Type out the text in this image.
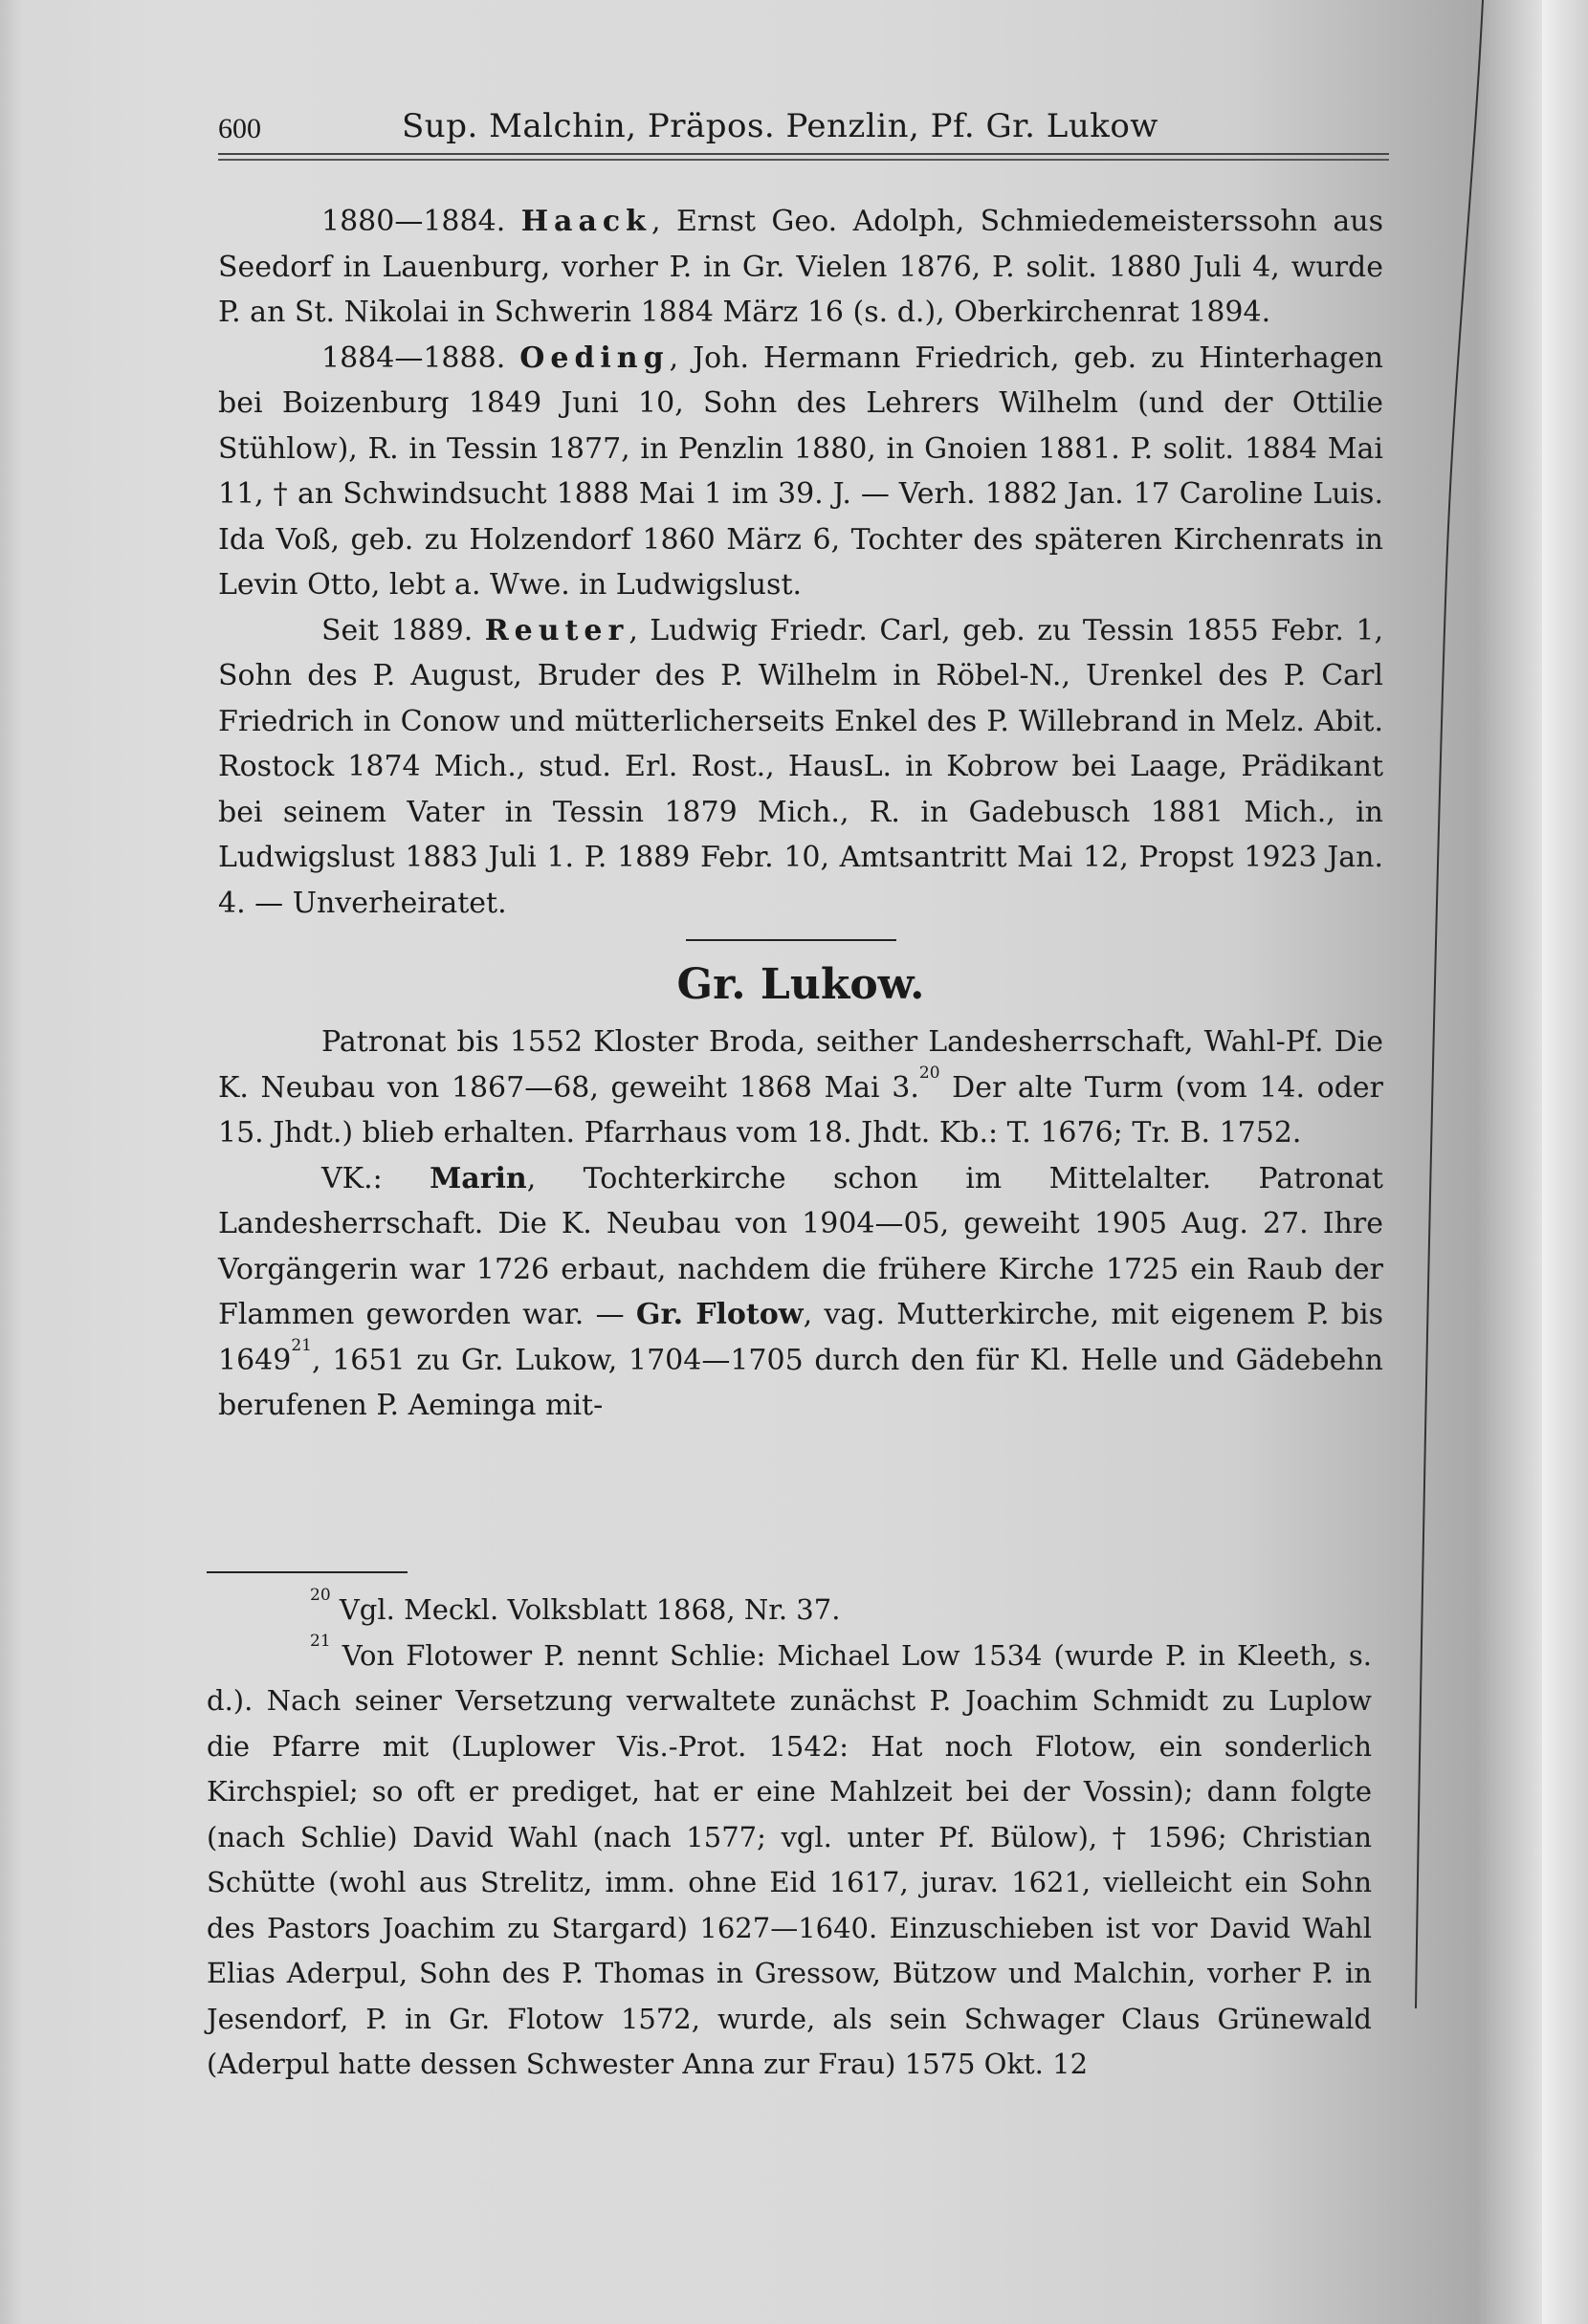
600	Sup. Malchin, Präpos. Penzlin, Pf. Gr. Lukow

1880—1884. Haack, Ernst Geo. Adolph, Schmiedemeisterssohn aus Seedorf in Lauenburg, vorher P. in Gr. Vielen 1876, P. solit. 1880 Juli 4, wurde P. an St. Nikolai in Schwerin 1884 März 16 (s. d.), Oberkirchenrat 1894.

1884—1888. Oeding, Joh. Hermann Friedrich, geb. zu Hinterhagen bei Boizenburg 1849 Juni 10, Sohn des Lehrers Wilhelm (und der Ottilie Stühlow), R. in Tessin 1877, in Penzlin 1880, in Gnoien 1881. P. solit. 1884 Mai 11, † an Schwindsucht 1888 Mai 1 im 39. J. — Verh. 1882 Jan. 17 Caroline Luis. Ida Voß, geb. zu Holzendorf 1860 März 6, Tochter des späteren Kirchenrats in Levin Otto, lebt a. Wwe. in Ludwigslust.

Seit 1889. Reuter, Ludwig Friedr. Carl, geb. zu Tessin 1855 Febr. 1, Sohn des P. August, Bruder des P. Wilhelm in Röbel-N., Urenkel des P. Carl Friedrich in Conow und mütterlicherseits Enkel des P. Willebrand in Melz. Abit. Rostock 1874 Mich., stud. Erl. Rost., HausL. in Kobrow bei Laage, Prädikant bei seinem Vater in Tessin 1879 Mich., R. in Gadebusch 1881 Mich., in Ludwigslust 1883 Juli 1. P. 1889 Febr. 10, Amtsantritt Mai 12, Propst 1923 Jan. 4. — Unverheiratet.

Gr. Lukow.

Patronat bis 1552 Kloster Broda, seither Landesherrschaft, Wahl-Pf. Die K. Neubau von 1867—68, geweiht 1868 Mai 3.20 Der alte Turm (vom 14. oder 15. Jhdt.) blieb erhalten. Pfarrhaus vom 18. Jhdt. Kb.: T. 1676; Tr. B. 1752.

VK.: Marin, Tochterkirche schon im Mittelalter. Patronat Landesherrschaft. Die K. Neubau von 1904—05, geweiht 1905 Aug. 27. Ihre Vorgängerin war 1726 erbaut, nachdem die frühere Kirche 1725 ein Raub der Flammen geworden war. — Gr. Flotow, vag. Mutterkirche, mit eigenem P. bis 1649$^{21}$, 1651 zu Gr. Lukow, 1704—1705 durch den für Kl. Helle und Gädebehn berufenen P. Aeminga mit-

$^{20}$ Vgl. Meckl. Volksblatt 1868, Nr. 37.

$^{21}$ Von Flotower P. nennt Schlie: Michael Low 1534 (wurde P. in Kleeth, s. d.). Nach seiner Versetzung verwaltete zunächst P. Joachim Schmidt zu Luplow die Pfarre mit (Luplower Vis.-Prot. 1542: Hat noch Flotow, ein sonderlich Kirchspiel; so oft er prediget, hat er eine Mahlzeit bei der Vossin); dann folgte (nach Schlie) David Wahl (nach 1577; vgl. unter Pf. Bülow), † 1596; Christian Schütte (wohl aus Strelitz, imm. ohne Eid 1617, jurav. 1621, vielleicht ein Sohn des Pastors Joachim zu Stargard) 1627—1640. Einzuschieben ist vor David Wahl Elias Aderpul, Sohn des P. Thomas in Gressow, Bützow und Malchin, vorher P. in Jesendorf, P. in Gr. Flotow 1572, wurde, als sein Schwager Claus Grünewald (Aderpul hatte dessen Schwester Anna zur Frau) 1575 Okt. 12
